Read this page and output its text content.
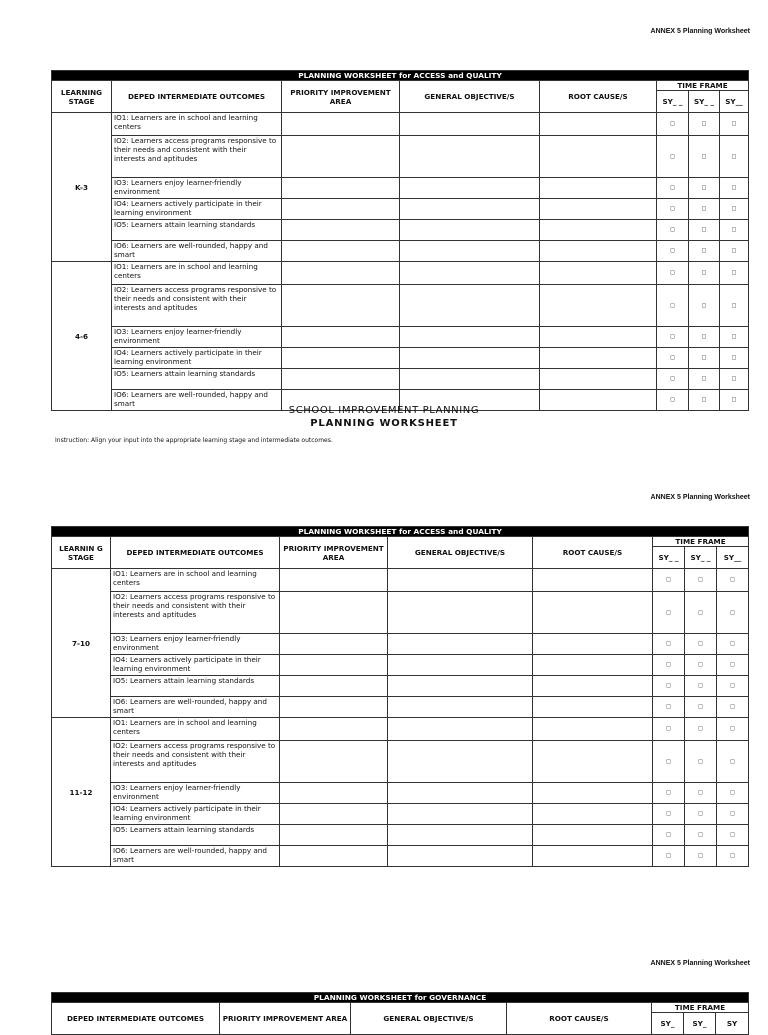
ANNEX 5 Planning Worksheet
PLANNING WORKSHEET for ACCESS and QUALITY							
LEARNING STAGE	DEPED INTERMEDIATE OUTCOMES	PRIORITY IMPROVEMENT AREA	GENERAL OBJECTIVE/S	ROOT CAUSE/S	TIME FRAME		
					SY_ _	SY_ _	SY__
K-3	IO1: Learners are in school and learning centers				◻	◻	◻
	IO2: Learners access programs responsive to their needs and consistent with their interests and aptitudes				◻	◻	◻
	IO3: Learners enjoy learner-friendly environment				◻	◻	◻
	IO4: Learners actively participate in their learning environment				◻	◻	◻
	IO5: Learners attain learning standards				◻	◻	◻
	IO6: Learners are well-rounded, happy and smart				◻	◻	◻
4-6	IO1: Learners are in school and learning centers				◻	◻	◻
	IO2: Learners access programs responsive to their needs and consistent with their interests and aptitudes				◻	◻	◻
	IO3: Learners enjoy learner-friendly environment				◻	◻	◻
	IO4: Learners actively participate in their learning environment				◻	◻	◻
	IO5: Learners attain learning standards				◻	◻	◻
	IO6: Learners are well-rounded, happy and smart				◻	◻	◻
SCHOOL IMPROVEMENT PLANNING
PLANNING WORKSHEET
Instruction: Align your input into the appropriate learning stage and intermediate outcomes.
ANNEX 5 Planning Worksheet
PLANNING WORKSHEET for ACCESS and QUALITY							
LEARNIN G STAGE	DEPED INTERMEDIATE OUTCOMES	PRIORITY IMPROVEMENT AREA	GENERAL OBJECTIVE/S	ROOT CAUSE/S	TIME FRAME		
					SY_ _	SY_ _	SY__
7-10	IO1: Learners are in school and learning centers				◻	◻	◻
	IO2: Learners access programs responsive to their needs and consistent with their interests and aptitudes				◻	◻	◻
	IO3: Learners enjoy learner-friendly environment				◻	◻	◻
	IO4: Learners actively participate in their learning environment				◻	◻	◻
	IO5: Learners attain learning standards				◻	◻	◻
	IO6: Learners are well-rounded, happy and smart				◻	◻	◻
11-12	IO1: Learners are in school and learning centers				◻	◻	◻
	IO2: Learners access programs responsive to their needs and consistent with their interests and aptitudes				◻	◻	◻
	IO3: Learners enjoy learner-friendly environment				◻	◻	◻
	IO4: Learners actively participate in their learning environment				◻	◻	◻
	IO5: Learners attain learning standards				◻	◻	◻
	IO6: Learners are well-rounded, happy and smart				◻	◻	◻
ANNEX 5 Planning Worksheet
PLANNING WORKSHEET for GOVERNANCE						
DEPED INTERMEDIATE OUTCOMES	PRIORITY IMPROVEMENT AREA	GENERAL OBJECTIVE/S	ROOT CAUSE/S	TIME FRAME		
				SY_	SY_	SY
